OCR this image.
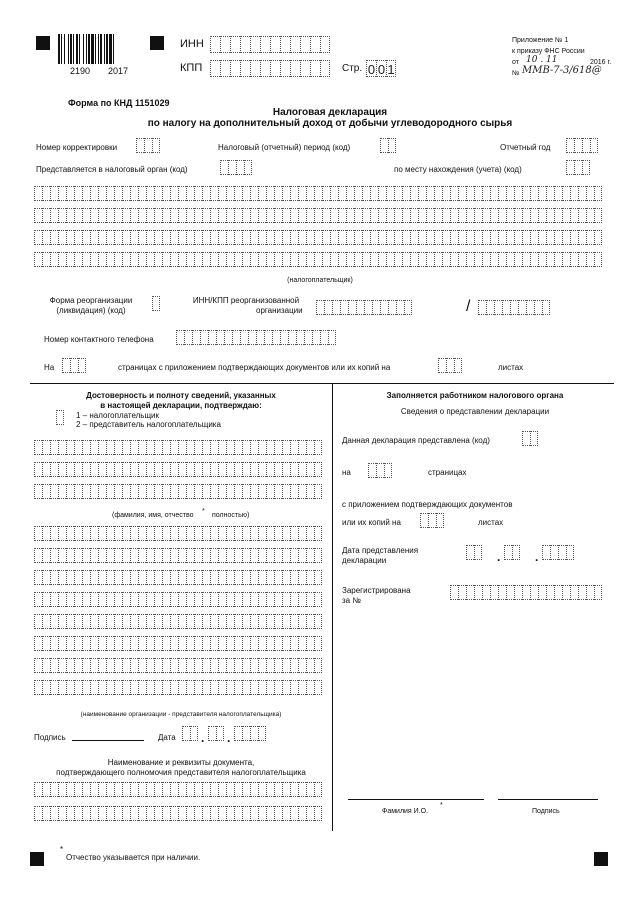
2190 2017
ИНН
КПП	Стр. 0 0 1
Приложение № 1
к приказу ФНС России
от 10 . 11	2016 г.
№ ММВ-7-3/618@
Форма по КНД 1151029
Налоговая декларация
по налогу на дополнительный доход от добычи углеводородного сырья
Номер корректировки	Налоговый (отчетный) период (код)	Отчетный год
Представляется в налоговый орган (код)	по месту нахождения (учета) (код)
(налогоплательщик)
Форма реорганизации
(ликвидация) (код)
ИНН/КПП реорганизованной
организации	/
Номер контактного телефона
На	страницах с приложением подтверждающих документов или их копий на	листах
Достоверность и полноту сведений, указанных
в настоящей декларации, подтверждаю:
1 – налогоплательщик
2 – представитель налогоплательщика
(фамилия, имя, отчество
*
полностью)
(наименование организации - представителя налогоплательщика)
Подпись	Дата . .
Наименование и реквизиты документа,
подтверждающего полномочия представителя налогоплательщика
Заполняется работником налогового органа
Сведения о представлении декларации
Данная декларация представлена (код)
на	страницах
с приложением подтверждающих документов
или их копий на	листах
Дата представления
декларации	.	.
Зарегистрирована
за №
Фамилия И.О.
*
Подпись
*
Отчество указывается при наличии.
